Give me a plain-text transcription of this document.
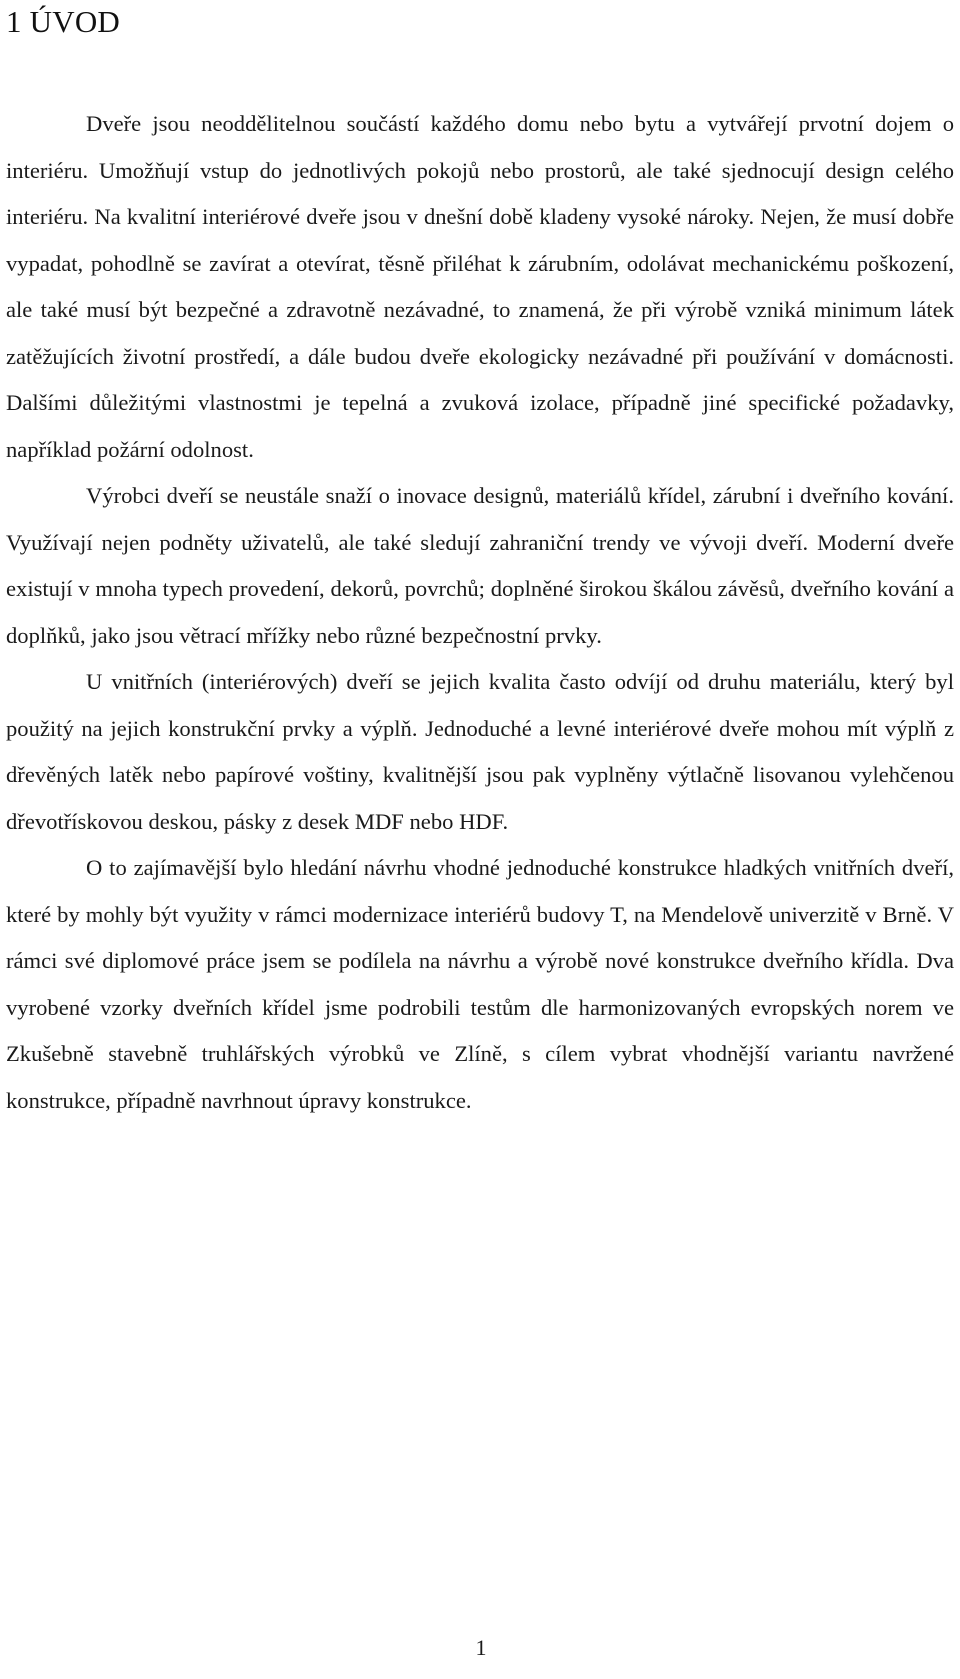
1 ÚVOD

Dveře jsou neoddělitelnou součástí každého domu nebo bytu a vytvářejí prvotní dojem o interiéru. Umožňují vstup do jednotlivých pokojů nebo prostorů, ale také sjednocují design celého interiéru. Na kvalitní interiérové dveře jsou v dnešní době kladeny vysoké nároky. Nejen, že musí dobře vypadat, pohodlně se zavírat a otevírat, těsně přiléhat k zárubním, odolávat mechanickému poškození, ale také musí být bezpečné a zdravotně nezávadné, to znamená, že při výrobě vzniká minimum látek zatěžujících životní prostředí, a dále budou dveře ekologicky nezávadné při používání v domácnosti. Dalšími důležitými vlastnostmi je tepelná a zvuková izolace, případně jiné specifické požadavky, například požární odolnost.

Výrobci dveří se neustále snaží o inovace designů, materiálů křídel, zárubní i dveřního kování. Využívají nejen podněty uživatelů, ale také sledují zahraniční trendy ve vývoji dveří. Moderní dveře existují v mnoha typech provedení, dekorů, povrchů; doplněné širokou škálou závěsů, dveřního kování a doplňků, jako jsou větrací mřížky nebo různé bezpečnostní prvky.

U vnitřních (interiérových) dveří se jejich kvalita často odvíjí od druhu materiálu, který byl použitý na jejich konstrukční prvky a výplň. Jednoduché a levné interiérové dveře mohou mít výplň z dřevěných latěk nebo papírové voštiny, kvalitnější jsou pak vyplněny výtlačně lisovanou vylehčenou dřevotřískovou deskou, pásky z desek MDF nebo HDF.

O to zajímavější bylo hledání návrhu vhodné jednoduché konstrukce hladkých vnitřních dveří, které by mohly být využity v rámci modernizace interiérů budovy T, na Mendelově univerzitě v Brně. V rámci své diplomové práce jsem se podílela na návrhu a výrobě nové konstrukce dveřního křídla. Dva vyrobené vzorky dveřních křídel jsme podrobili testům dle harmonizovaných evropských norem ve Zkušebně stavebně truhlářských výrobků ve Zlíně, s cílem vybrat vhodnější variantu navržené konstrukce, případně navrhnout úpravy konstrukce.

1
